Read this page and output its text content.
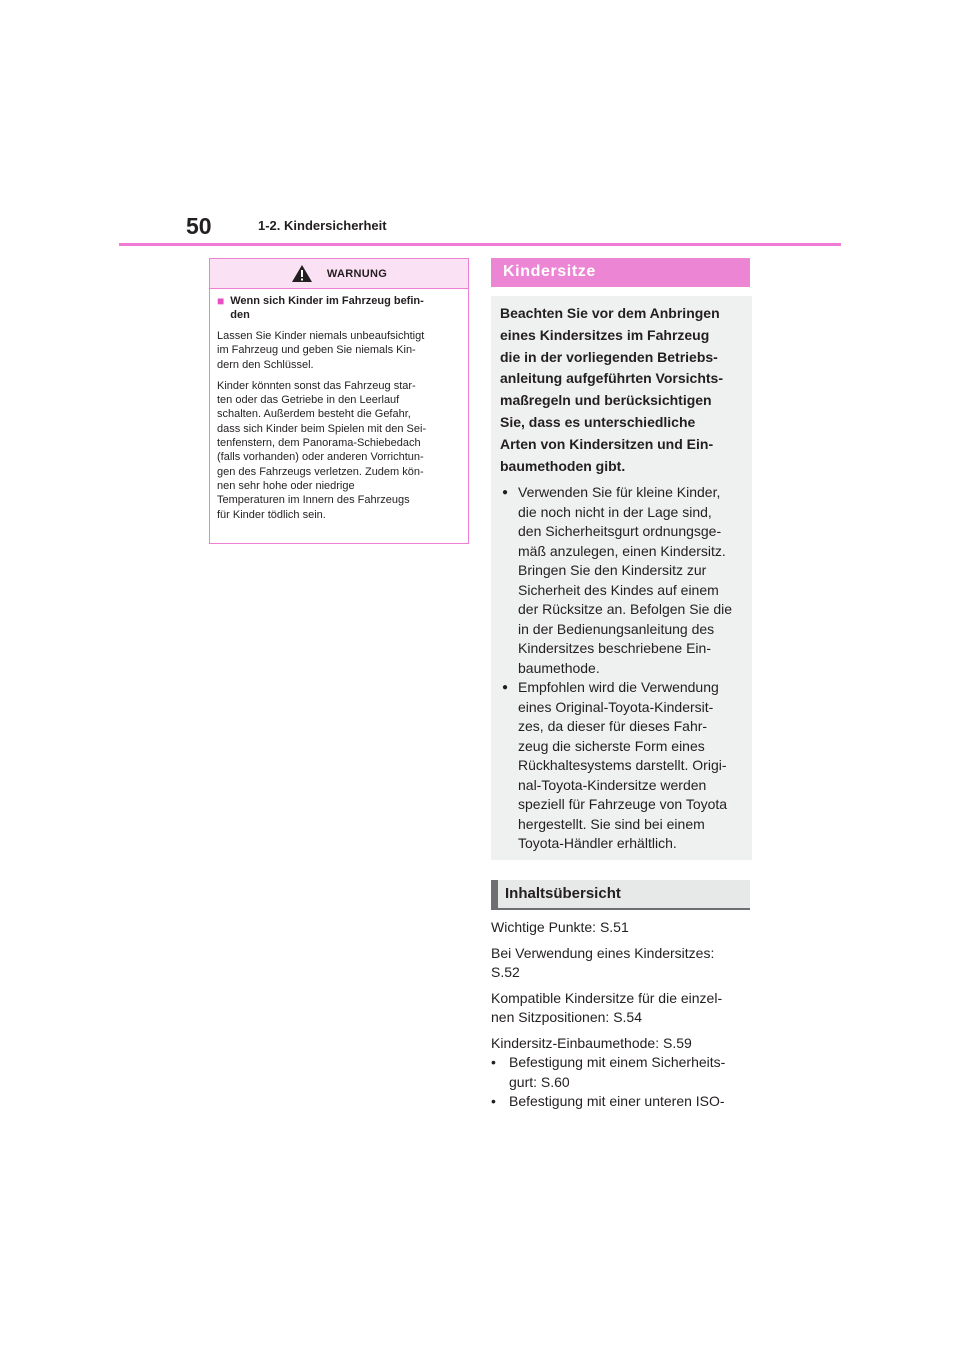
50	1-2. Kindersicherheit
WARNUNG
■ Wenn sich Kinder im Fahrzeug befin-
den

Lassen Sie Kinder niemals unbeaufsichtigt
im Fahrzeug und geben Sie niemals Kin-
dern den Schlüssel.

Kinder könnten sonst das Fahrzeug star-
ten oder das Getriebe in den Leerlauf
schalten. Außerdem besteht die Gefahr,
dass sich Kinder beim Spielen mit den Sei-
tenfenstern, dem Panorama-Schiebedach
(falls vorhanden) oder anderen Vorrichtun-
gen des Fahrzeugs verletzen. Zudem kön-
nen sehr hohe oder niedrige
Temperaturen im Innern des Fahrzeugs
für Kinder tödlich sein.

Kindersitze
Beachten Sie vor dem Anbringen
eines Kindersitzes im Fahrzeug
die in der vorliegenden Betriebs-
anleitung aufgeführten Vorsichts-
maßregeln und berücksichtigen
Sie, dass es unterschiedliche
Arten von Kindersitzen und Ein-
baumethoden gibt.
● Verwenden Sie für kleine Kinder,
die noch nicht in der Lage sind,
den Sicherheitsgurt ordnungsge-
mäß anzulegen, einen Kindersitz.
Bringen Sie den Kindersitz zur
Sicherheit des Kindes auf einem
der Rücksitze an. Befolgen Sie die
in der Bedienungsanleitung des
Kindersitzes beschriebene Ein-
baumethode.
● Empfohlen wird die Verwendung
eines Original-Toyota-Kindersit-
zes, da dieser für dieses Fahr-
zeug die sicherste Form eines
Rückhaltesystems darstellt. Origi-
nal-Toyota-Kindersitze werden
speziell für Fahrzeuge von Toyota
hergestellt. Sie sind bei einem
Toyota-Händler erhältlich.
Inhaltsübersicht

Wichtige Punkte: S.51

Bei Verwendung eines Kindersitzes:
S.52

Kompatible Kindersitze für die einzel-
nen Sitzpositionen: S.54

Kindersitz-Einbaumethode: S.59

• Befestigung mit einem Sicherheits-
gurt: S.60
• Befestigung mit einer unteren ISO-
